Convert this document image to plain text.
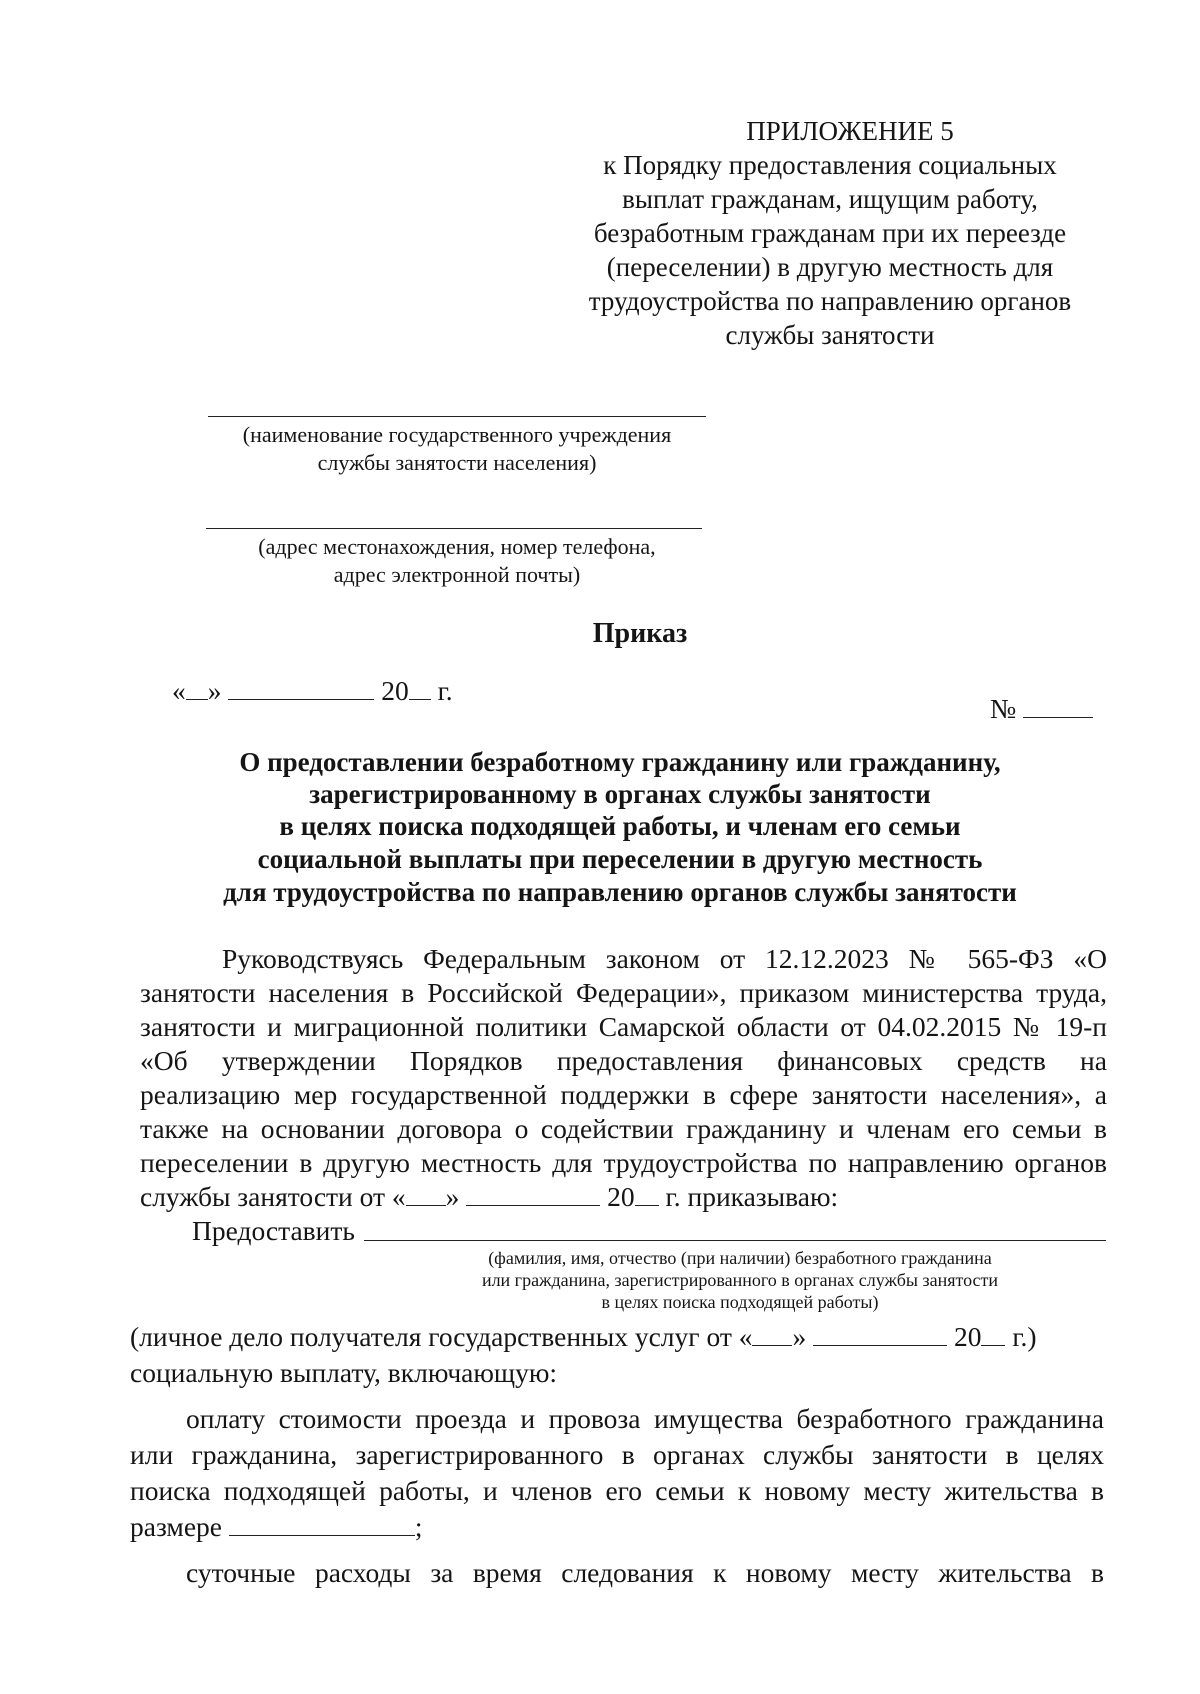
ПРИЛОЖЕНИЕ 5
к Порядку предоставления социальных
выплат гражданам, ищущим работу,
безработным гражданам при их переезде
(переселении) в другую местность для
трудоустройства по направлению органов
службы занятости
(наименование государственного учреждения
службы занятости населения)
(адрес местонахождения, номер телефона,
адрес электронной почты)
Приказ
« »	20 г.
№
О предоставлении безработному гражданину или гражданину,
зарегистрированному в органах службы занятости
в целях поиска подходящей работы, и членам его семьи
социальной выплаты при переселении в другую местность
для трудоустройства по направлению органов службы занятости
Руководствуясь Федеральным законом от 12.12.2023 № 565-ФЗ «О
занятости населения в Российской Федерации», приказом министерства труда,
занятости и миграционной политики Самарской области от 04.02.2015 № 19-п
«Об утверждении Порядков предоставления финансовых средств на
реализацию мер государственной поддержки в сфере занятости населения», а
также на основании договора о содействии гражданину и членам его семьи в
переселении в другую местность для трудоустройства по направлению органов
службы занятости от « »	20 г. приказываю:
Предоставить
(фамилия, имя, отчество (при наличии) безработного гражданина
или гражданина, зарегистрированного в органах службы занятости
в целях поиска подходящей работы)
(личное дело получателя государственных услуг от « »	20 г.)
социальную выплату, включающую:
оплату стоимости проезда и провоза имущества безработного гражданина
или гражданина, зарегистрированного в органах службы занятости в целях
поиска подходящей работы, и членов его семьи к новому месту жительства в
размере	;
суточные расходы за время следования к новому месту жительства в
